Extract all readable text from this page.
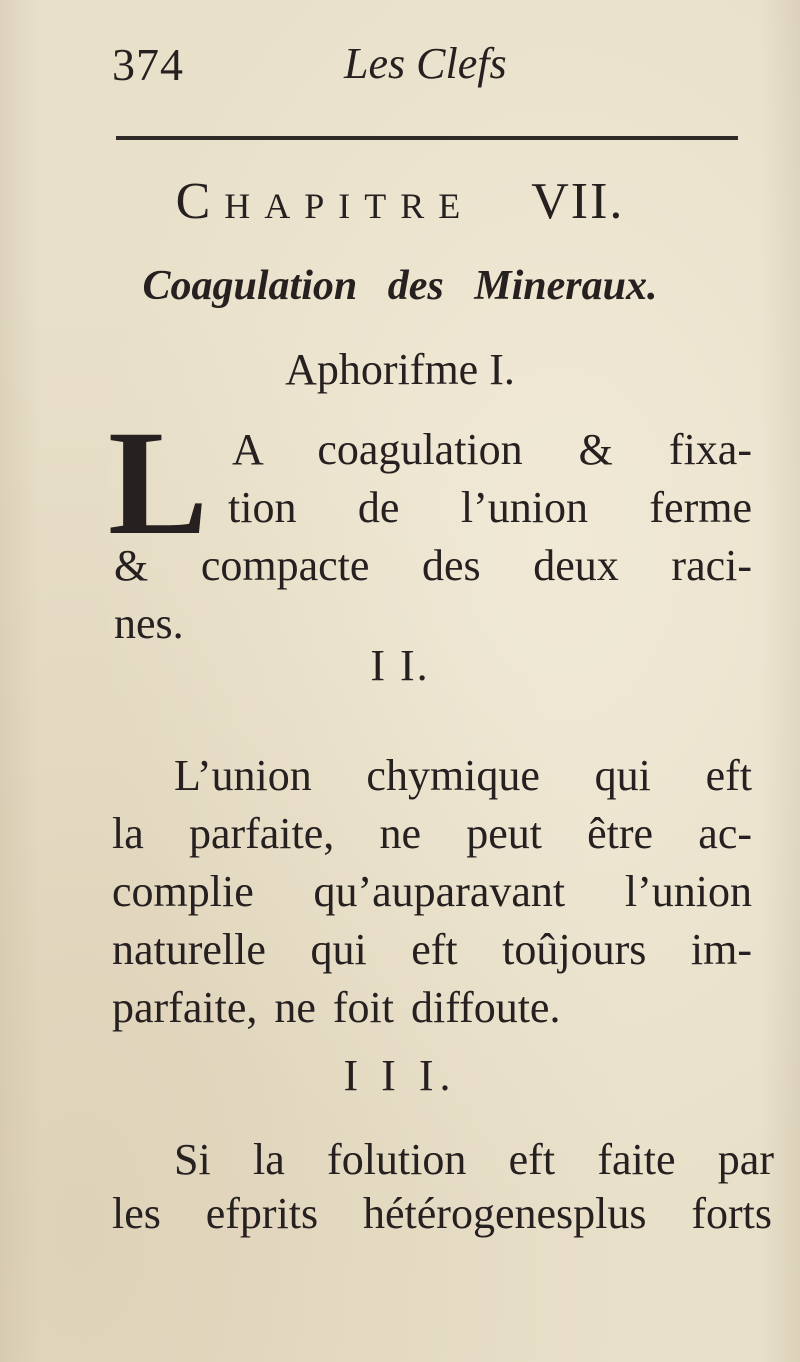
374	Les Clefs
Chapitre VII.
Coagulation des Mineraux.
Aphorifme I.
L A coagulation & fixa-
tion de l’union ferme
& compacte des deux raci-
nes.
I I.
L’union chymique qui eft
la parfaite, ne peut être ac-
complie qu’auparavant l’union
naturelle qui eft toûjours im-
parfaite, ne foit diffoute.
I I I.
Si la folution eft faite par
les efprits hétérogenesplus forts
